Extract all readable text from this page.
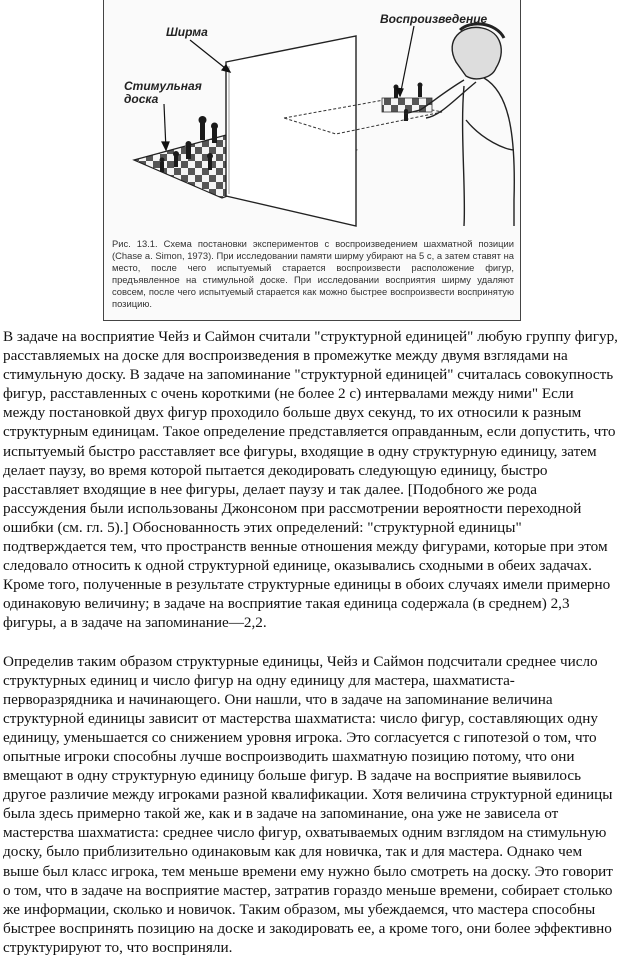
Ширма
Воспроизведение
Стимульная
доска
Рис. 13.1. Схема постановки экспериментов с воспроизведением шахматной позиции (Chase a. Simon, 1973). При исследовании памяти ширму убирают на 5 с, а затем ставят на место, после чего испытуемый старается воспроизвести расположение фигур, предъявленное на стимульной доске. При исследовании восприятия ширму удаляют совсем, после чего испытуемый старается как можно быстрее воспроизвести воспринятую позицию.

В задаче на восприятие Чейз и Саймон считали "структурной единицей" любую группу фигур, расставляемых на доске для воспроизведения в промежутке между двумя взглядами на стимульную доску. В задаче на запоминание "структурной единицей" считалась совокупность фигур, расставленных с очень короткими (не более 2 с) интервалами между ними" Если между постановкой двух фигур проходило больше двух секунд, то их относили к разным структурным единицам. Такое определение представляется оправданным, если допустить, что испытуемый быстро расставляет все фигуры, входящие в одну структурную единицу, затем делает паузу, во время которой пытается декодировать следующую единицу, быстро расставляет входящие в нее фигуры, делает паузу и так далее. [Подобного же рода рассуждения были использованы Джонсоном при рассмотрении вероятности переходной ошибки (см. гл. 5).] Обоснованность этих определений: "структурной единицы" подтверждается тем, что пространств венные отношения между фигурами, которые при этом следовало относить к одной структурной единице, оказывались сходными в обеих задачах. Кроме того, полученные в результате структурные единицы в обоих случаях имели примерно одинаковую величину; в задаче на восприятие такая единица содержала (в среднем) 2,3 фигуры, а в задаче на запоминание—2,2.

Определив таким образом структурные единицы, Чейз и Саймон подсчитали среднее число структурных единиц и число фигур на одну единицу для мастера, шахматиста-перворазрядника и начинающего. Они нашли, что в задаче на запоминание величина структурной единицы зависит от мастерства шахматиста: число фигур, составляющих одну единицу, уменьшается со снижением уровня игрока. Это согласуется с гипотезой о том, что опытные игроки способны лучше воспроизводить шахматную позицию потому, что они вмещают в одну структурную единицу больше фигур. В задаче на восприятие выявилось другое различие между игроками разной квалификации. Хотя величина структурной единицы была здесь примерно такой же, как и в задаче на запоминание, она уже не зависела от мастерства шахматиста: среднее число фигур, охватываемых одним взглядом на стимульную доску, было приблизительно одинаковым как для новичка, так и для мастера. Однако чем выше был класс игрока, тем меньше времени ему нужно было смотреть на доску. Это говорит о том, что в задаче на восприятие мастер, затратив гораздо меньше времени, собирает столько же информации, сколько и новичок. Таким образом, мы убеждаемся, что мастера способны быстрее воспринять позицию на доске и закодировать ее, а кроме того, они более эффективно структурируют то, что восприняли.
